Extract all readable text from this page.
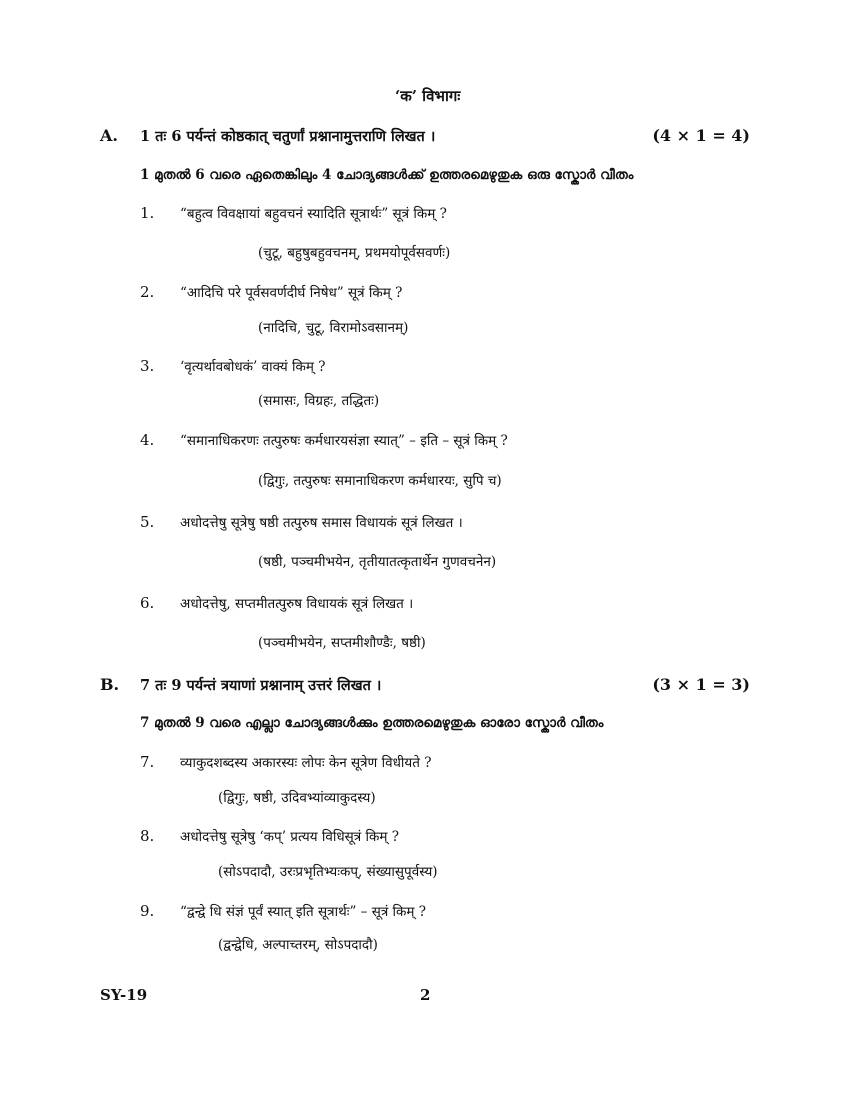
‘क’ विभागः
A. 1 तः 6 पर्यन्तं कोष्ठकात् चतुर्णां प्रश्नानामुत्तराणि लिखत ।	(4 × 1 = 4)
1 മുതൽ 6 വരെ ഏതെങ്കിലും 4 ചോദ്യങ്ങൾക്ക് ഉത്തരമെഴുതുക ഒരു സ്കോർ വീതം
1. “बहुत्व विवक्षायां बहुवचनं स्यादिति सूत्रार्थः” सूत्रं किम् ?
(चुटू, बहुषुबहुवचनम्, प्रथमयोपूर्वसवर्णः)
2. “आदिचि परे पूर्वसवर्णदीर्घ निषेध” सूत्रं किम् ?
(नादिचि, चुटू, विरामोऽवसानम्)
3. ‘वृत्यर्थावबोधकं’ वाक्यं किम् ?
(समासः, विग्रहः, तद्धितः)
4. “समानाधिकरणः तत्पुरुषः कर्मधारयसंज्ञा स्यात्” – इति – सूत्रं किम् ?
(द्विगुः, तत्पुरुषः समानाधिकरण कर्मधारयः, सुपि च)
5. अधोदत्तेषु सूत्रेषु षष्ठी तत्पुरुष समास विधायकं सूत्रं लिखत ।
(षष्ठी, पञ्चमीभयेन, तृतीयातत्कृतार्थेन गुणवचनेन)
6. अधोदत्तेषु, सप्तमीतत्पुरुष विधायकं सूत्रं लिखत ।
(पञ्चमीभयेन, सप्तमीशौण्डैः, षष्ठी)
B. 7 तः 9 पर्यन्तं त्रयाणां प्रश्नानाम् उत्तरं लिखत ।	(3 × 1 = 3)
7 മുതൽ 9 വരെ എല്ലാ ചോദ്യങ്ങൾക്കും ഉത്തരമെഴുതുക ഓരോ സ്കോർ വീതം
7. व्याकुदशब्दस्य अकारस्यः लोपः केन सूत्रेण विधीयते ?
(द्विगुः, षष्ठी, उदिवभ्यांव्याकुदस्य)
8. अधोदत्तेषु सूत्रेषु ‘कप्’ प्रत्यय विधिसूत्रं किम् ?
(सोऽपदादौ, उरःप्रभृतिभ्यःकप्, संख्यासुपूर्वस्य)
9. “द्वन्द्वे धि संज्ञं पूर्वं स्यात् इति सूत्रार्थः” – सूत्रं किम् ?
(द्वन्द्वेधि, अल्पाच्तरम्, सोऽपदादौ)
SY-19	2
